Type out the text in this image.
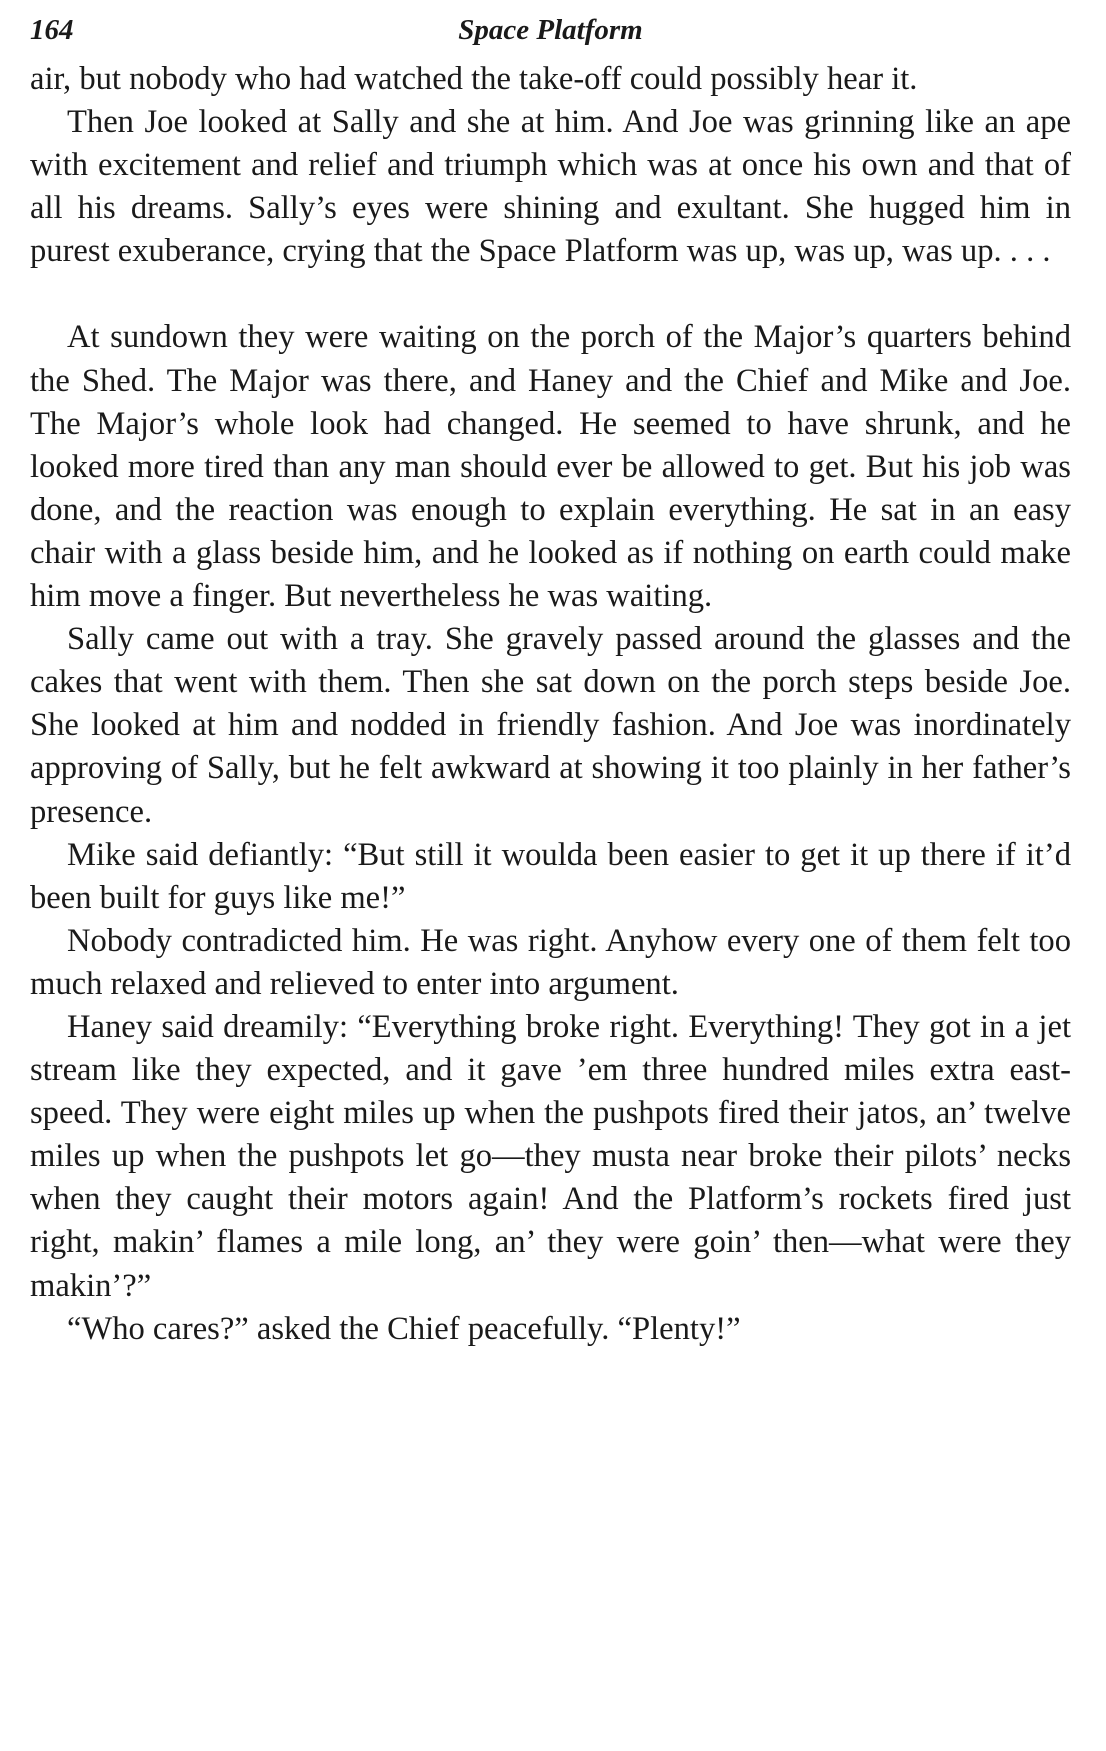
164	Space Platform

air, but nobody who had watched the take-off could possibly hear it.

Then Joe looked at Sally and she at him. And Joe was grinning like an ape with excitement and relief and triumph which was at once his own and that of all his dreams. Sally’s eyes were shining and exultant. She hugged him in purest exuberance, crying that the Space Platform was up, was up, was up. . . .

At sundown they were waiting on the porch of the Major’s quarters behind the Shed. The Major was there, and Haney and the Chief and Mike and Joe. The Major’s whole look had changed. He seemed to have shrunk, and he looked more tired than any man should ever be allowed to get. But his job was done, and the reaction was enough to explain everything. He sat in an easy chair with a glass beside him, and he looked as if nothing on earth could make him move a finger. But nevertheless he was waiting.

Sally came out with a tray. She gravely passed around the glasses and the cakes that went with them. Then she sat down on the porch steps beside Joe. She looked at him and nodded in friendly fashion. And Joe was inordinately approving of Sally, but he felt awkward at showing it too plainly in her father’s presence.

Mike said defiantly: “But still it woulda been easier to get it up there if it’d been built for guys like me!”

Nobody contradicted him. He was right. Anyhow every one of them felt too much relaxed and relieved to enter into argument.

Haney said dreamily: “Everything broke right. Everything! They got in a jet stream like they expected, and it gave ’em three hundred miles extra east-speed. They were eight miles up when the pushpots fired their jatos, an’ twelve miles up when the pushpots let go—they musta near broke their pilots’ necks when they caught their motors again! And the Platform’s rockets fired just right, makin’ flames a mile long, an’ they were goin’ then—what were they makin’?”

“Who cares?” asked the Chief peacefully. “Plenty!”
